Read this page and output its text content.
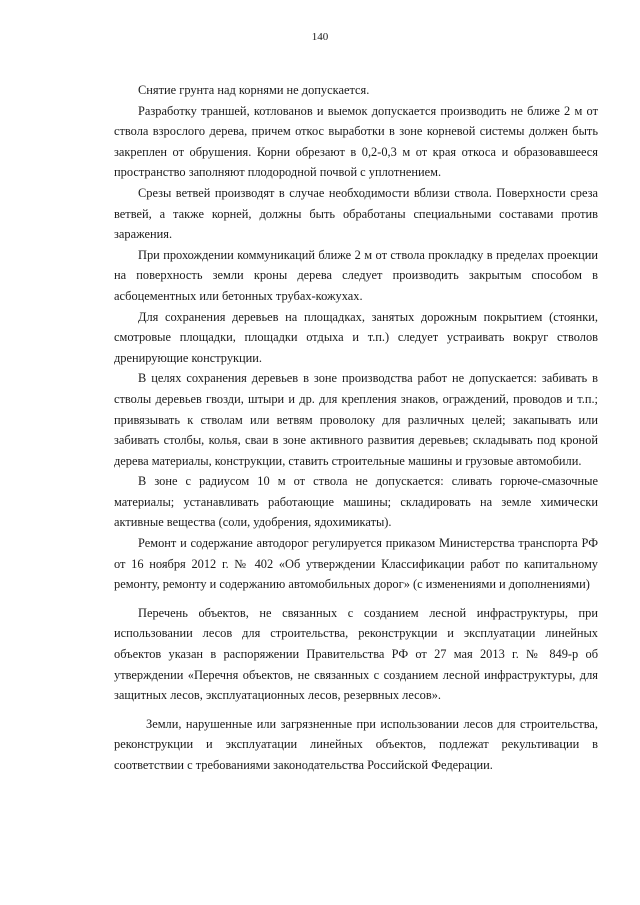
140

Снятие грунта над корнями не допускается.

Разработку траншей, котлованов и выемок допускается производить не ближе 2 м от ствола взрослого дерева, причем откос выработки в зоне корневой системы должен быть закреплен от обрушения. Корни обрезают в 0,2-0,3 м от края откоса и образовавшееся пространство заполняют плодородной почвой с уплотнением.

Срезы ветвей производят в случае необходимости вблизи ствола. Поверхности среза ветвей, а также корней, должны быть обработаны специальными составами против заражения.

При прохождении коммуникаций ближе 2 м от ствола прокладку в пределах проекции на поверхность земли кроны дерева следует производить закрытым способом в асбоцементных или бетонных трубах-кожухах.

Для сохранения деревьев на площадках, занятых дорожным покрытием (стоянки, смотровые площадки, площадки отдыха и т.п.) следует устраивать вокруг стволов дренирующие конструкции.

В целях сохранения деревьев в зоне производства работ не допускается: забивать в стволы деревьев гвозди, штыри и др. для крепления знаков, ограждений, проводов и т.п.; привязывать к стволам или ветвям проволоку для различных целей; закапывать или забивать столбы, колья, сваи в зоне активного развития деревьев; складывать под кроной дерева материалы, конструкции, ставить строительные машины и грузовые автомобили.

В зоне с радиусом 10 м от ствола не допускается: сливать горюче-смазочные материалы; устанавливать работающие машины; складировать на земле химически активные вещества (соли, удобрения, ядохимикаты).

Ремонт и содержание автодорог регулируется приказом Министерства транспорта РФ от 16 ноября 2012 г. № 402 «Об утверждении Классификации работ по капитальному ремонту, ремонту и содержанию автомобильных дорог» (с изменениями и дополнениями)

Перечень объектов, не связанных с созданием лесной инфраструктуры, при использовании лесов для строительства, реконструкции и эксплуатации линейных объектов указан в распоряжении Правительства РФ от 27 мая 2013 г. № 849-р об утверждении «Перечня объектов, не связанных с созданием лесной инфраструктуры, для защитных лесов, эксплуатационных лесов, резервных лесов».

Земли, нарушенные или загрязненные при использовании лесов для строительства, реконструкции и эксплуатации линейных объектов, подлежат рекультивации в соответствии с требованиями законодательства Российской Федерации.
